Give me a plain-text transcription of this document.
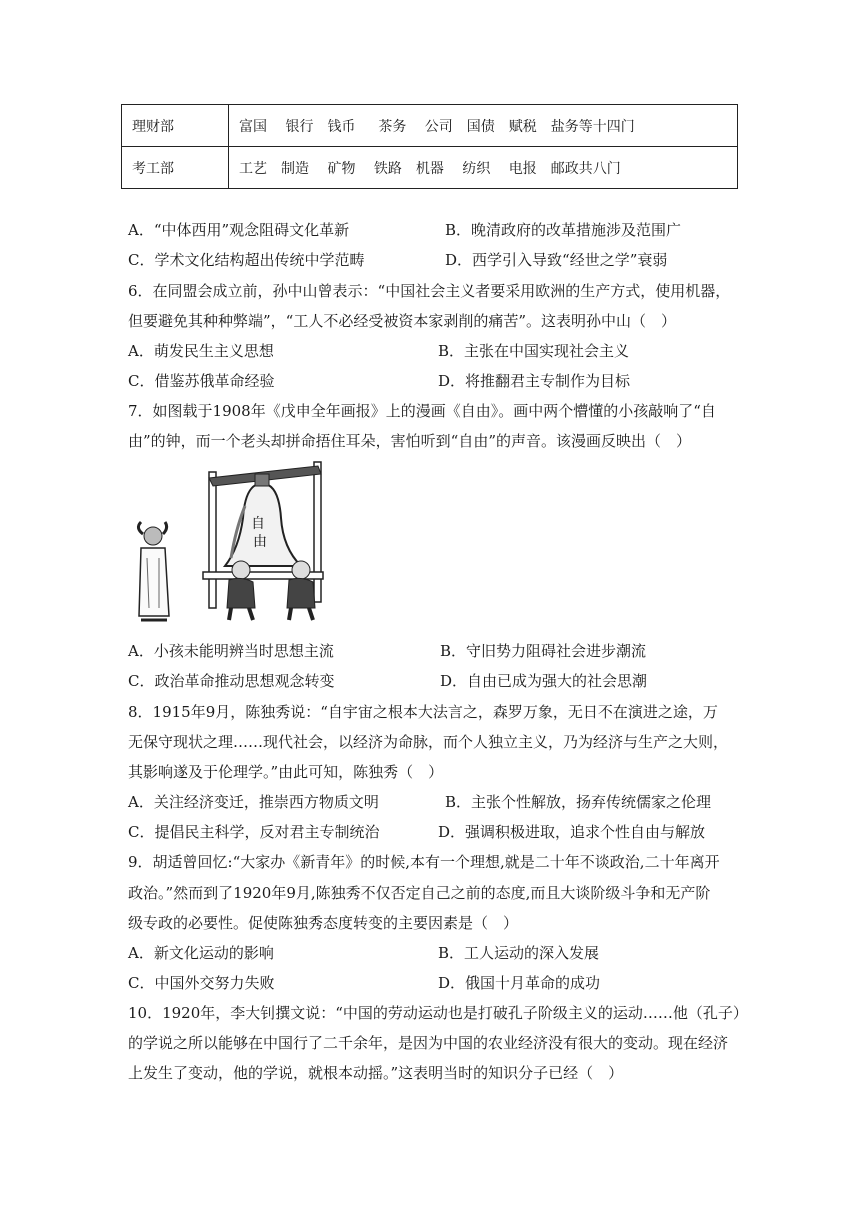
理财部	富国　 银行　钱币 　 茶务　 公司　国债　赋税　盐务等十四门
考工部	工艺　制造 　矿物　 铁路　机器　 纺织 　电报　邮政共八门
A．“中体西用”观念阻碍文化革新	B．晚清政府的改革措施涉及范围广
C．学术文化结构超出传统中学范畴	D．西学引入导致“经世之学”衰弱
6．在同盟会成立前，孙中山曾表示：“中国社会主义者要采用欧洲的生产方式，使用机器，
但要避免其种种弊端”，“工人不必经受被资本家剥削的痛苦”。这表明孙中山（　）
A．萌发民生主义思想	B．主张在中国实现社会主义
C．借鉴苏俄革命经验	D．将推翻君主专制作为目标
7．如图载于1908年《戊申全年画报》上的漫画《自由》。画中两个懵懂的小孩敲响了“自
由”的钟，而一个老头却拼命捂住耳朵，害怕听到“自由”的声音。该漫画反映出（　）
自
由
A．小孩未能明辨当时思想主流	B．守旧势力阻碍社会进步潮流
C．政治革命推动思想观念转变	D．自由已成为强大的社会思潮
8．1915年9月，陈独秀说：“自宇宙之根本大法言之，森罗万象，无日不在演进之途，万
无保守现状之理……现代社会，以经济为命脉，而个人独立主义，乃为经济与生产之大则，
其影响遂及于伦理学。”由此可知，陈独秀（　）
A．关注经济变迁，推崇西方物质文明	B．主张个性解放，扬弃传统儒家之伦理
C．提倡民主科学，反对君主专制统治	D．强调积极进取，追求个性自由与解放
9．胡适曾回忆:“大家办《新青年》的时候,本有一个理想,就是二十年不谈政治,二十年离开
政治。”然而到了1920年9月,陈独秀不仅否定自己之前的态度,而且大谈阶级斗争和无产阶
级专政的必要性。促使陈独秀态度转变的主要因素是（　）
A．新文化运动的影响	B．工人运动的深入发展
C．中国外交努力失败	D．俄国十月革命的成功
10．1920年，李大钊撰文说：“中国的劳动运动也是打破孔子阶级主义的运动……他（孔子）
的学说之所以能够在中国行了二千余年，是因为中国的农业经济没有很大的变动。现在经济
上发生了变动，他的学说，就根本动摇。”这表明当时的知识分子已经（　）
